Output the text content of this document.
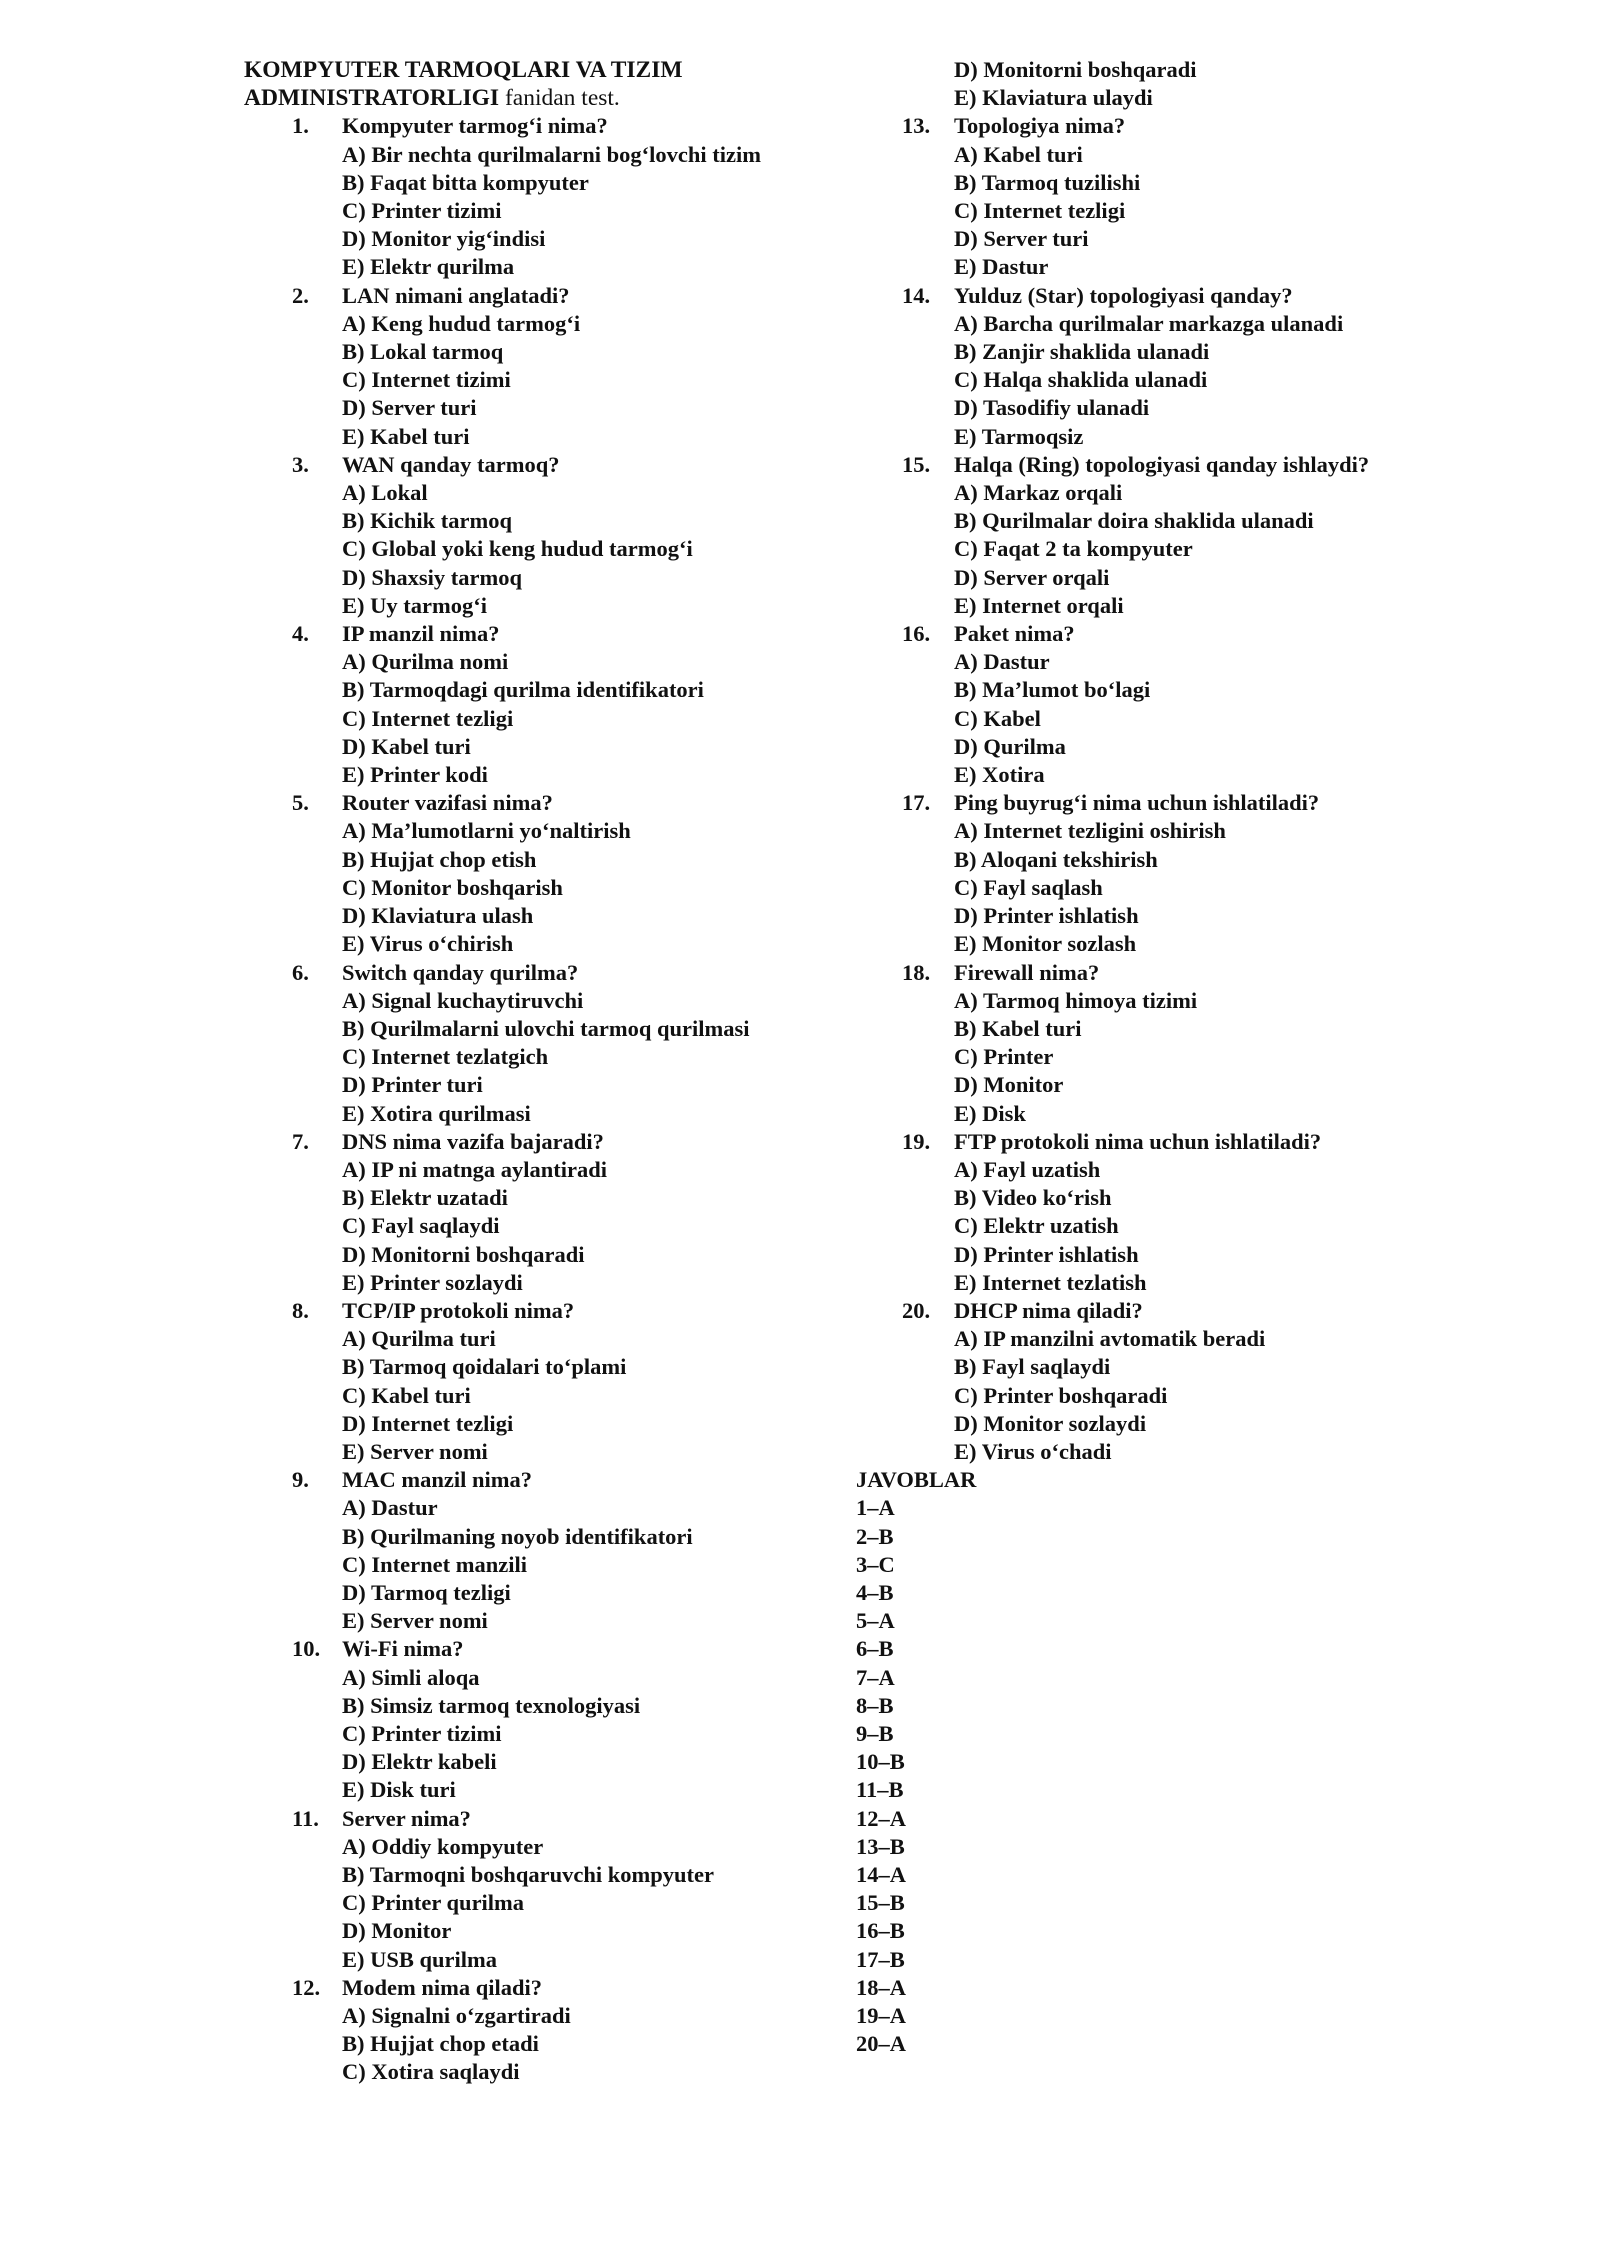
KOMPYUTER TARMOQLARI VA TIZIM ADMINISTRATORLIGI fanidan test.
1. Kompyuter tarmog‘i nima?
A) Bir nechta qurilmalarni bog‘lovchi tizim
B) Faqat bitta kompyuter
C) Printer tizimi
D) Monitor yig‘indisi
E) Elektr qurilma
2. LAN nimani anglatadi?
A) Keng hudud tarmog‘i
B) Lokal tarmoq
C) Internet tizimi
D) Server turi
E) Kabel turi
3. WAN qanday tarmoq?
A) Lokal
B) Kichik tarmoq
C) Global yoki keng hudud tarmog‘i
D) Shaxsiy tarmoq
E) Uy tarmog‘i
4. IP manzil nima?
A) Qurilma nomi
B) Tarmoqdagi qurilma identifikatori
C) Internet tezligi
D) Kabel turi
E) Printer kodi
5. Router vazifasi nima?
A) Ma’lumotlarni yo‘naltirish
B) Hujjat chop etish
C) Monitor boshqarish
D) Klaviatura ulash
E) Virus o‘chirish
6. Switch qanday qurilma?
A) Signal kuchaytiruvchi
B) Qurilmalarni ulovchi tarmoq qurilmasi
C) Internet tezlatgich
D) Printer turi
E) Xotira qurilmasi
7. DNS nima vazifa bajaradi?
A) IP ni matnga aylantiradi
B) Elektr uzatadi
C) Fayl saqlaydi
D) Monitorni boshqaradi
E) Printer sozlaydi
8. TCP/IP protokoli nima?
A) Qurilma turi
B) Tarmoq qoidalari to‘plami
C) Kabel turi
D) Internet tezligi
E) Server nomi
9. MAC manzil nima?
A) Dastur
B) Qurilmaning noyob identifikatori
C) Internet manzili
D) Tarmoq tezligi
E) Server nomi
10. Wi-Fi nima?
A) Simli aloqa
B) Simsiz tarmoq texnologiyasi
C) Printer tizimi
D) Elektr kabeli
E) Disk turi
11. Server nima?
A) Oddiy kompyuter
B) Tarmoqni boshqaruvchi kompyuter
C) Printer qurilma
D) Monitor
E) USB qurilma
12. Modem nima qiladi?
A) Signalni o‘zgartiradi
B) Hujjat chop etadi
C) Xotira saqlaydi
D) Monitorni boshqaradi
E) Klaviatura ulaydi
13. Topologiya nima?
A) Kabel turi
B) Tarmoq tuzilishi
C) Internet tezligi
D) Server turi
E) Dastur
14. Yulduz (Star) topologiyasi qanday?
A) Barcha qurilmalar markazga ulanadi
B) Zanjir shaklida ulanadi
C) Halqa shaklida ulanadi
D) Tasodifiy ulanadi
E) Tarmoqsiz
15. Halqa (Ring) topologiyasi qanday ishlaydi?
A) Markaz orqali
B) Qurilmalar doira shaklida ulanadi
C) Faqat 2 ta kompyuter
D) Server orqali
E) Internet orqali
16. Paket nima?
A) Dastur
B) Ma’lumot bo‘lagi
C) Kabel
D) Qurilma
E) Xotira
17. Ping buyrug‘i nima uchun ishlatiladi?
A) Internet tezligini oshirish
B) Aloqani tekshirish
C) Fayl saqlash
D) Printer ishlatish
E) Monitor sozlash
18. Firewall nima?
A) Tarmoq himoya tizimi
B) Kabel turi
C) Printer
D) Monitor
E) Disk
19. FTP protokoli nima uchun ishlatiladi?
A) Fayl uzatish
B) Video ko‘rish
C) Elektr uzatish
D) Printer ishlatish
E) Internet tezlatish
20. DHCP nima qiladi?
A) IP manzilni avtomatik beradi
B) Fayl saqlaydi
C) Printer boshqaradi
D) Monitor sozlaydi
E) Virus o‘chadi
JAVOBLAR
1–A
2–B
3–C
4–B
5–A
6–B
7–A
8–B
9–B
10–B
11–B
12–A
13–B
14–A
15–B
16–B
17–B
18–A
19–A
20–A
